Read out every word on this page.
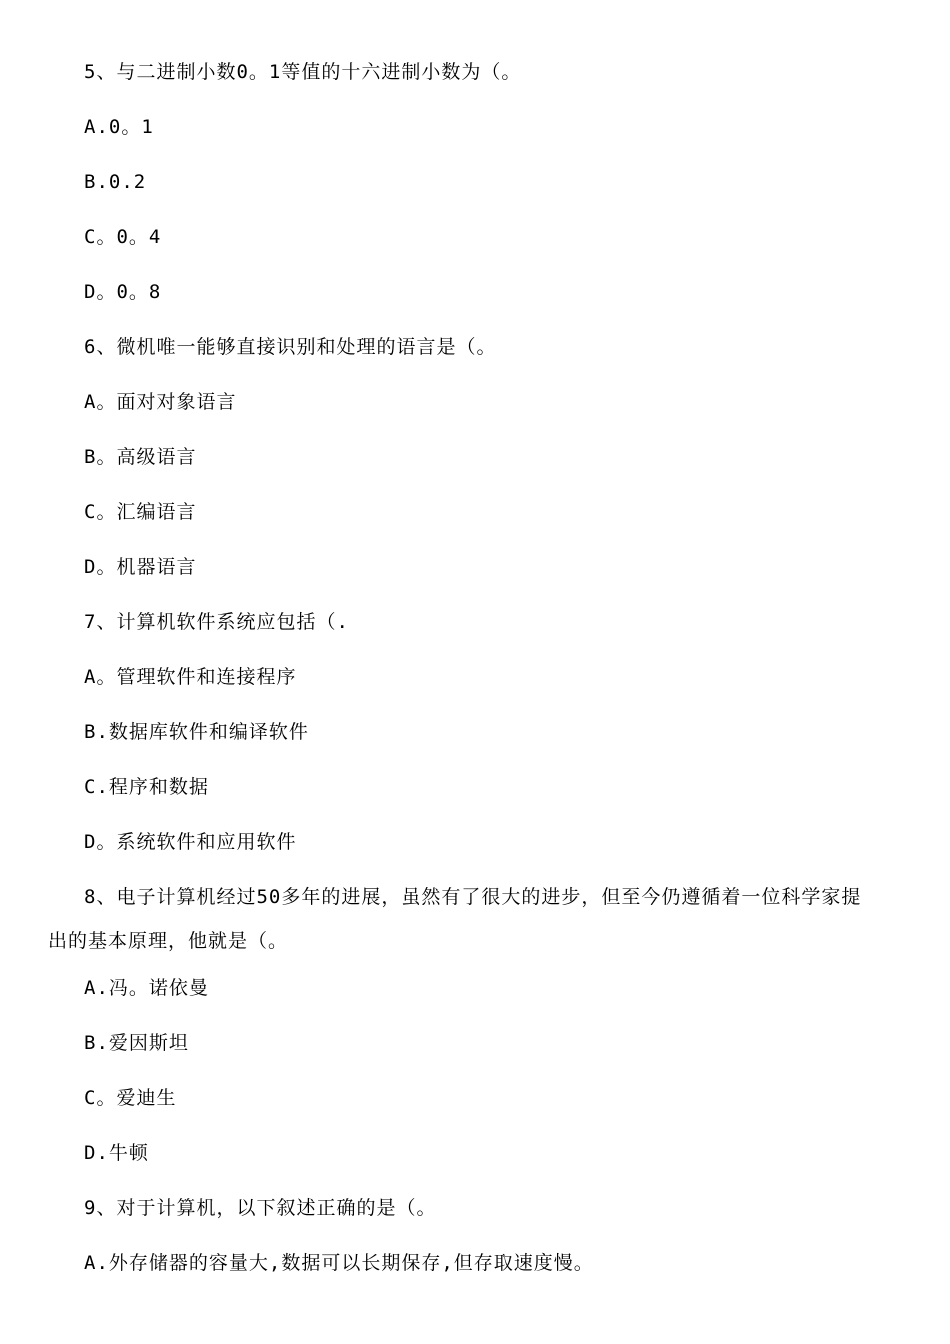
5、与二进制小数0。1等值的十六进制小数为（。
A.0。1
B.0.2
C。0。4
D。0。8
6、微机唯一能够直接识别和处理的语言是（。
A。面对对象语言
B。高级语言
C。汇编语言
D。机器语言
7、计算机软件系统应包括（.
A。管理软件和连接程序
B.数据库软件和编译软件
C.程序和数据
D。系统软件和应用软件
8、电子计算机经过50多年的进展，虽然有了很大的进步，但至今仍遵循着一位科学家提
出的基本原理，他就是（。
A.冯。诺依曼
B.爱因斯坦
C。爱迪生
D.牛顿
9、对于计算机，以下叙述正确的是（。
A.外存储器的容量大,数据可以长期保存,但存取速度慢。
